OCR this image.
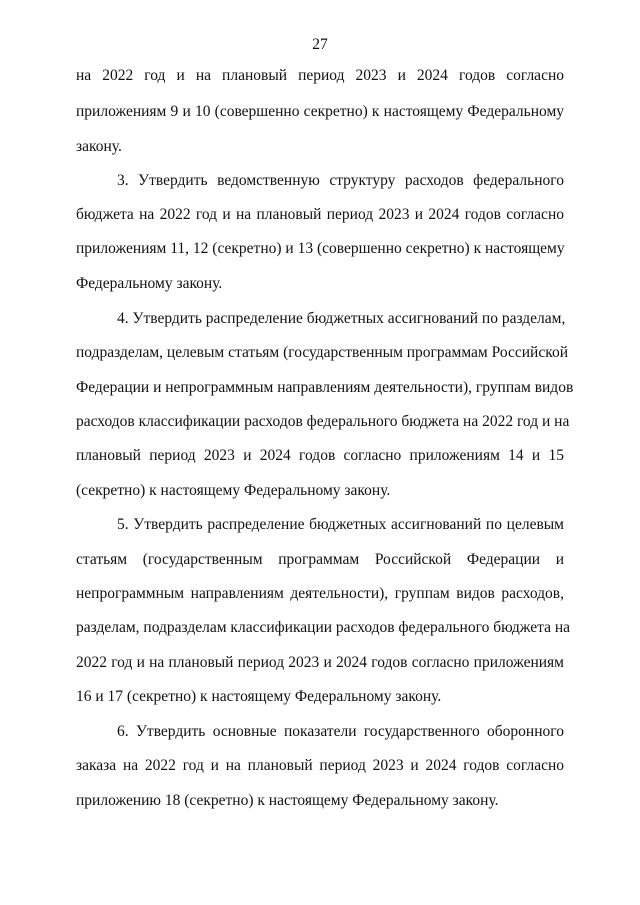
27
на 2022 год и на плановый период 2023 и 2024 годов согласно
приложениям 9 и 10 (совершенно секретно) к настоящему Федеральному
закону.
3. Утвердить ведомственную структуру расходов федерального
бюджета на 2022 год и на плановый период 2023 и 2024 годов согласно
приложениям 11, 12 (секретно) и 13 (совершенно секретно) к настоящему
Федеральному закону.
4. Утвердить распределение бюджетных ассигнований по разделам,
подразделам, целевым статьям (государственным программам Российской
Федерации и непрограммным направлениям деятельности), группам видов
расходов классификации расходов федерального бюджета на 2022 год и на
плановый период 2023 и 2024 годов согласно приложениям 14 и 15
(секретно) к настоящему Федеральному закону.
5. Утвердить распределение бюджетных ассигнований по целевым
статьям (государственным программам Российской Федерации и
непрограммным направлениям деятельности), группам видов расходов,
разделам, подразделам классификации расходов федерального бюджета на
2022 год и на плановый период 2023 и 2024 годов согласно приложениям
16 и 17 (секретно) к настоящему Федеральному закону.
6. Утвердить основные показатели государственного оборонного
заказа на 2022 год и на плановый период 2023 и 2024 годов согласно
приложению 18 (секретно) к настоящему Федеральному закону.
